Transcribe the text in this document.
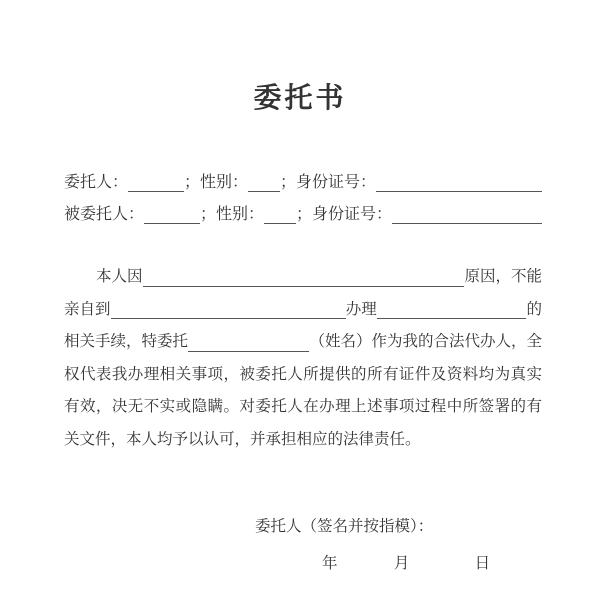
委托书
委托人：	；性别： ；身份证号：
被委托人：	；性别： ；身份证号：
本人因	原因，不能
亲自到	办理	的
相关手续，特委托	（姓名）作为我的合法代办人，全
权代表我办理相关事项，被委托人所提供的所有证件及资料均为真实
有效，决无不实或隐瞒。对委托人在办理上述事项过程中所签署的有
关文件，本人均予以认可，并承担相应的法律责任。
委托人（签名并按指模）：
年	月	日
